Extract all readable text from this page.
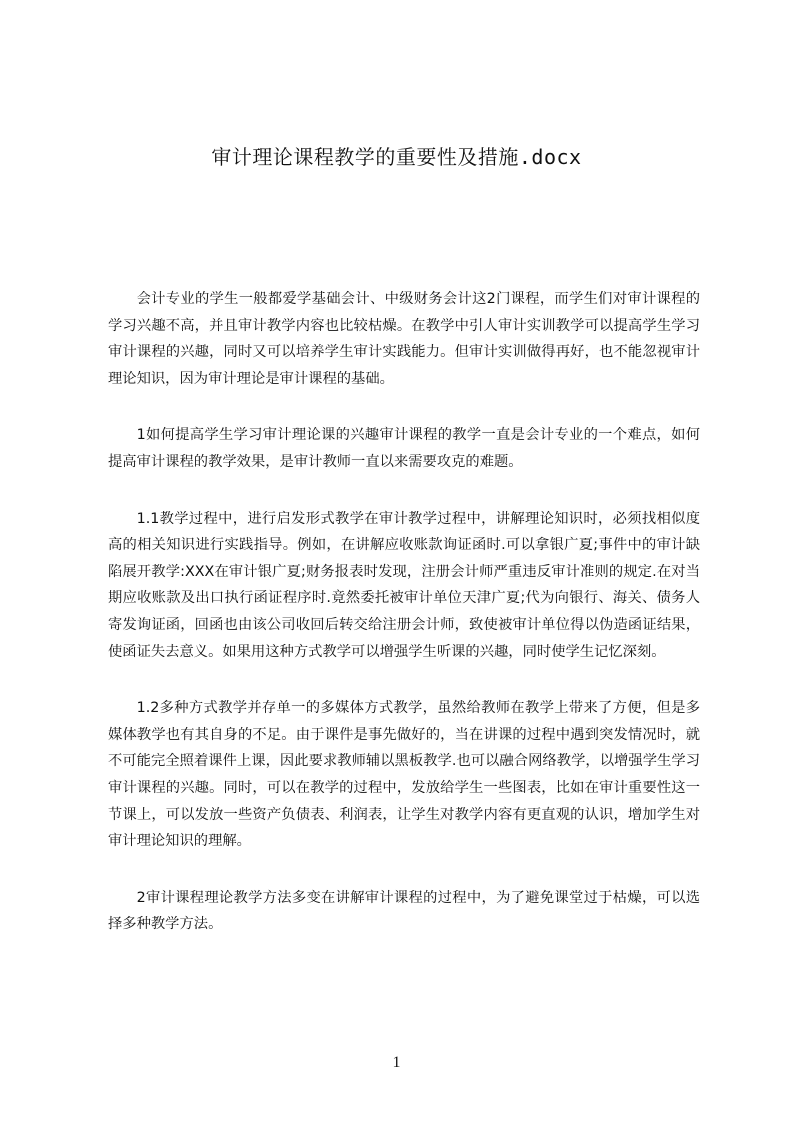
审计理论课程教学的重要性及措施.docx

会计专业的学生一般都爱学基础会计、中级财务会计这2门课程，而学生们对审计课程的学习兴趣不高，并且审计教学内容也比较枯燥。在教学中引人审计实训教学可以提高学生学习审计课程的兴趣，同时又可以培养学生审计实践能力。但审计实训做得再好，也不能忽视审计理论知识，因为审计理论是审计课程的基础。

1如何提高学生学习审计理论课的兴趣审计课程的教学一直是会计专业的一个难点，如何提高审计课程的教学效果，是审计教师一直以来需要攻克的难题。

1.1教学过程中，进行启发形式教学在审计教学过程中，讲解理论知识时，必须找相似度高的相关知识进行实践指导。例如，在讲解应收账款询证函时.可以拿银广夏;事件中的审计缺陷展开教学:XXX在审计银广夏;财务报表时发现，注册会计师严重违反审计准则的规定.在对当期应收账款及出口执行函证程序时.竟然委托被审计单位天津广夏;代为向银行、海关、债务人寄发询证函，回函也由该公司收回后转交给注册会计师，致使被审计单位得以伪造函证结果，使函证失去意义。如果用这种方式教学可以增强学生听课的兴趣，同时使学生记忆深刻。

1.2多种方式教学并存单一的多媒体方式教学，虽然给教师在教学上带来了方便，但是多媒体教学也有其自身的不足。由于课件是事先做好的，当在讲课的过程中遇到突发情况时，就不可能完全照着课件上课，因此要求教师辅以黑板教学.也可以融合网络教学，以增强学生学习审计课程的兴趣。同时，可以在教学的过程中，发放给学生一些图表，比如在审计重要性这一节课上，可以发放一些资产负债表、利润表，让学生对教学内容有更直观的认识，增加学生对审计理论知识的理解。

2审计课程理论教学方法多变在讲解审计课程的过程中，为了避免课堂过于枯燥，可以选择多种教学方法。

1
